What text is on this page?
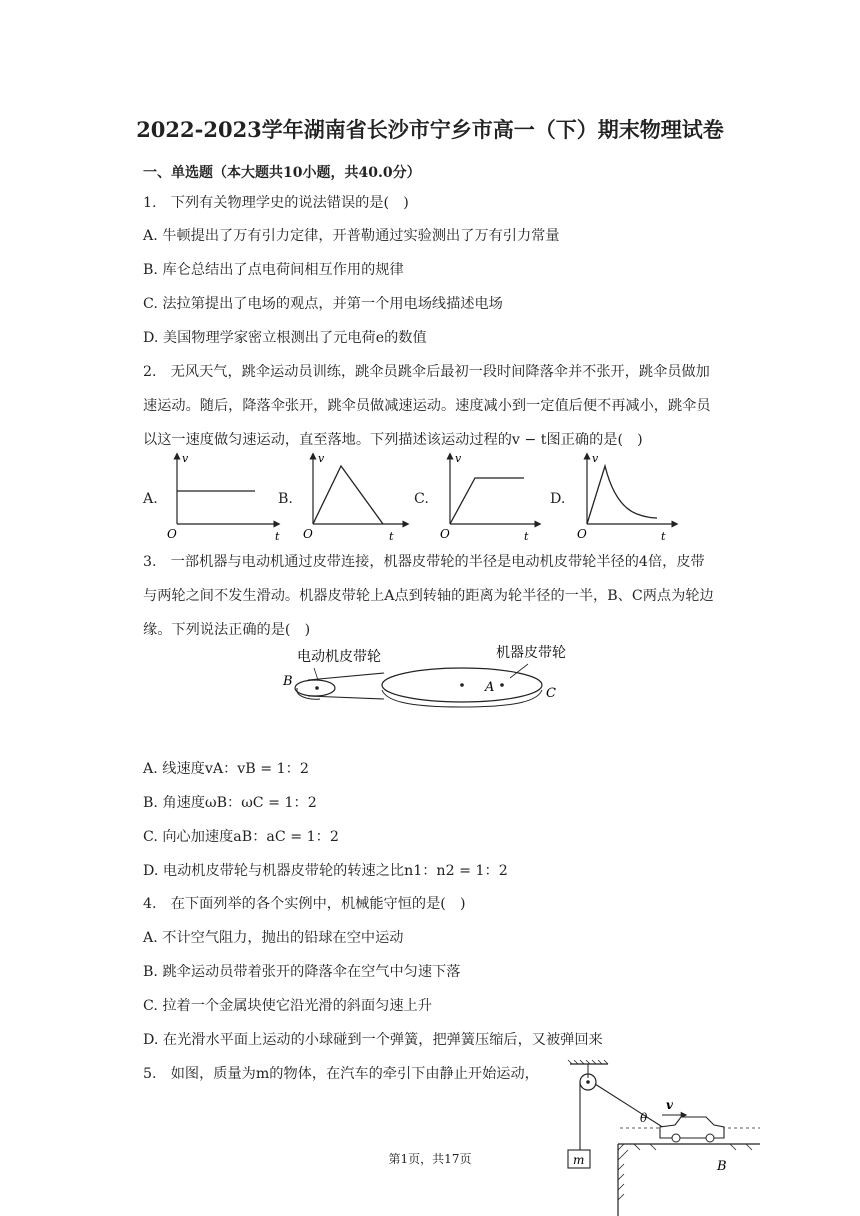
2022-2023学年湖南省长沙市宁乡市高一（下）期末物理试卷
一、单选题（本大题共10小题，共40.0分）
1.　下列有关物理学史的说法错误的是(　)
A. 牛顿提出了万有引力定律，开普勒通过实验测出了万有引力常量
B. 库仑总结出了点电荷间相互作用的规律
C. 法拉第提出了电场的观点，并第一个用电场线描述电场
D. 美国物理学家密立根测出了元电荷e的数值
2.　无风天气，跳伞运动员训练，跳伞员跳伞后最初一段时间降落伞并不张开，跳伞员做加
速运动。随后，降落伞张开，跳伞员做减速运动。速度减小到一定值后便不再减小，跳伞员
以这一速度做匀速运动，直至落地。下列描述该运动过程的v − t图正确的是(　)
A.	B.	C.	D.
v
O	t
v
O	t
v
O	t
v
O	t
3.　一部机器与电动机通过皮带连接，机器皮带轮的半径是电动机皮带轮半径的4倍，皮带
与两轮之间不发生滑动。机器皮带轮上A点到转轴的距离为轮半径的一半，B、C两点为轮边
缘。下列说法正确的是(　)
电动机皮带轮	机器皮带轮
A
B
C
A. 线速度vA：vB = 1：2
B. 角速度ωB：ωC = 1：2
C. 向心加速度aB：aC = 1：2
D. 电动机皮带轮与机器皮带轮的转速之比n1：n2 = 1：2
4.　在下面列举的各个实例中，机械能守恒的是(　)
A. 不计空气阻力，抛出的铅球在空中运动
B. 跳伞运动员带着张开的降落伞在空气中匀速下落
C. 拉着一个金属块使它沿光滑的斜面匀速上升
D. 在光滑水平面上运动的小球碰到一个弹簧，把弹簧压缩后，又被弹回来
5.　如图，质量为m的物体，在汽车的牵引下由静止开始运动，
m
θ
v
B
第1页，共17页
